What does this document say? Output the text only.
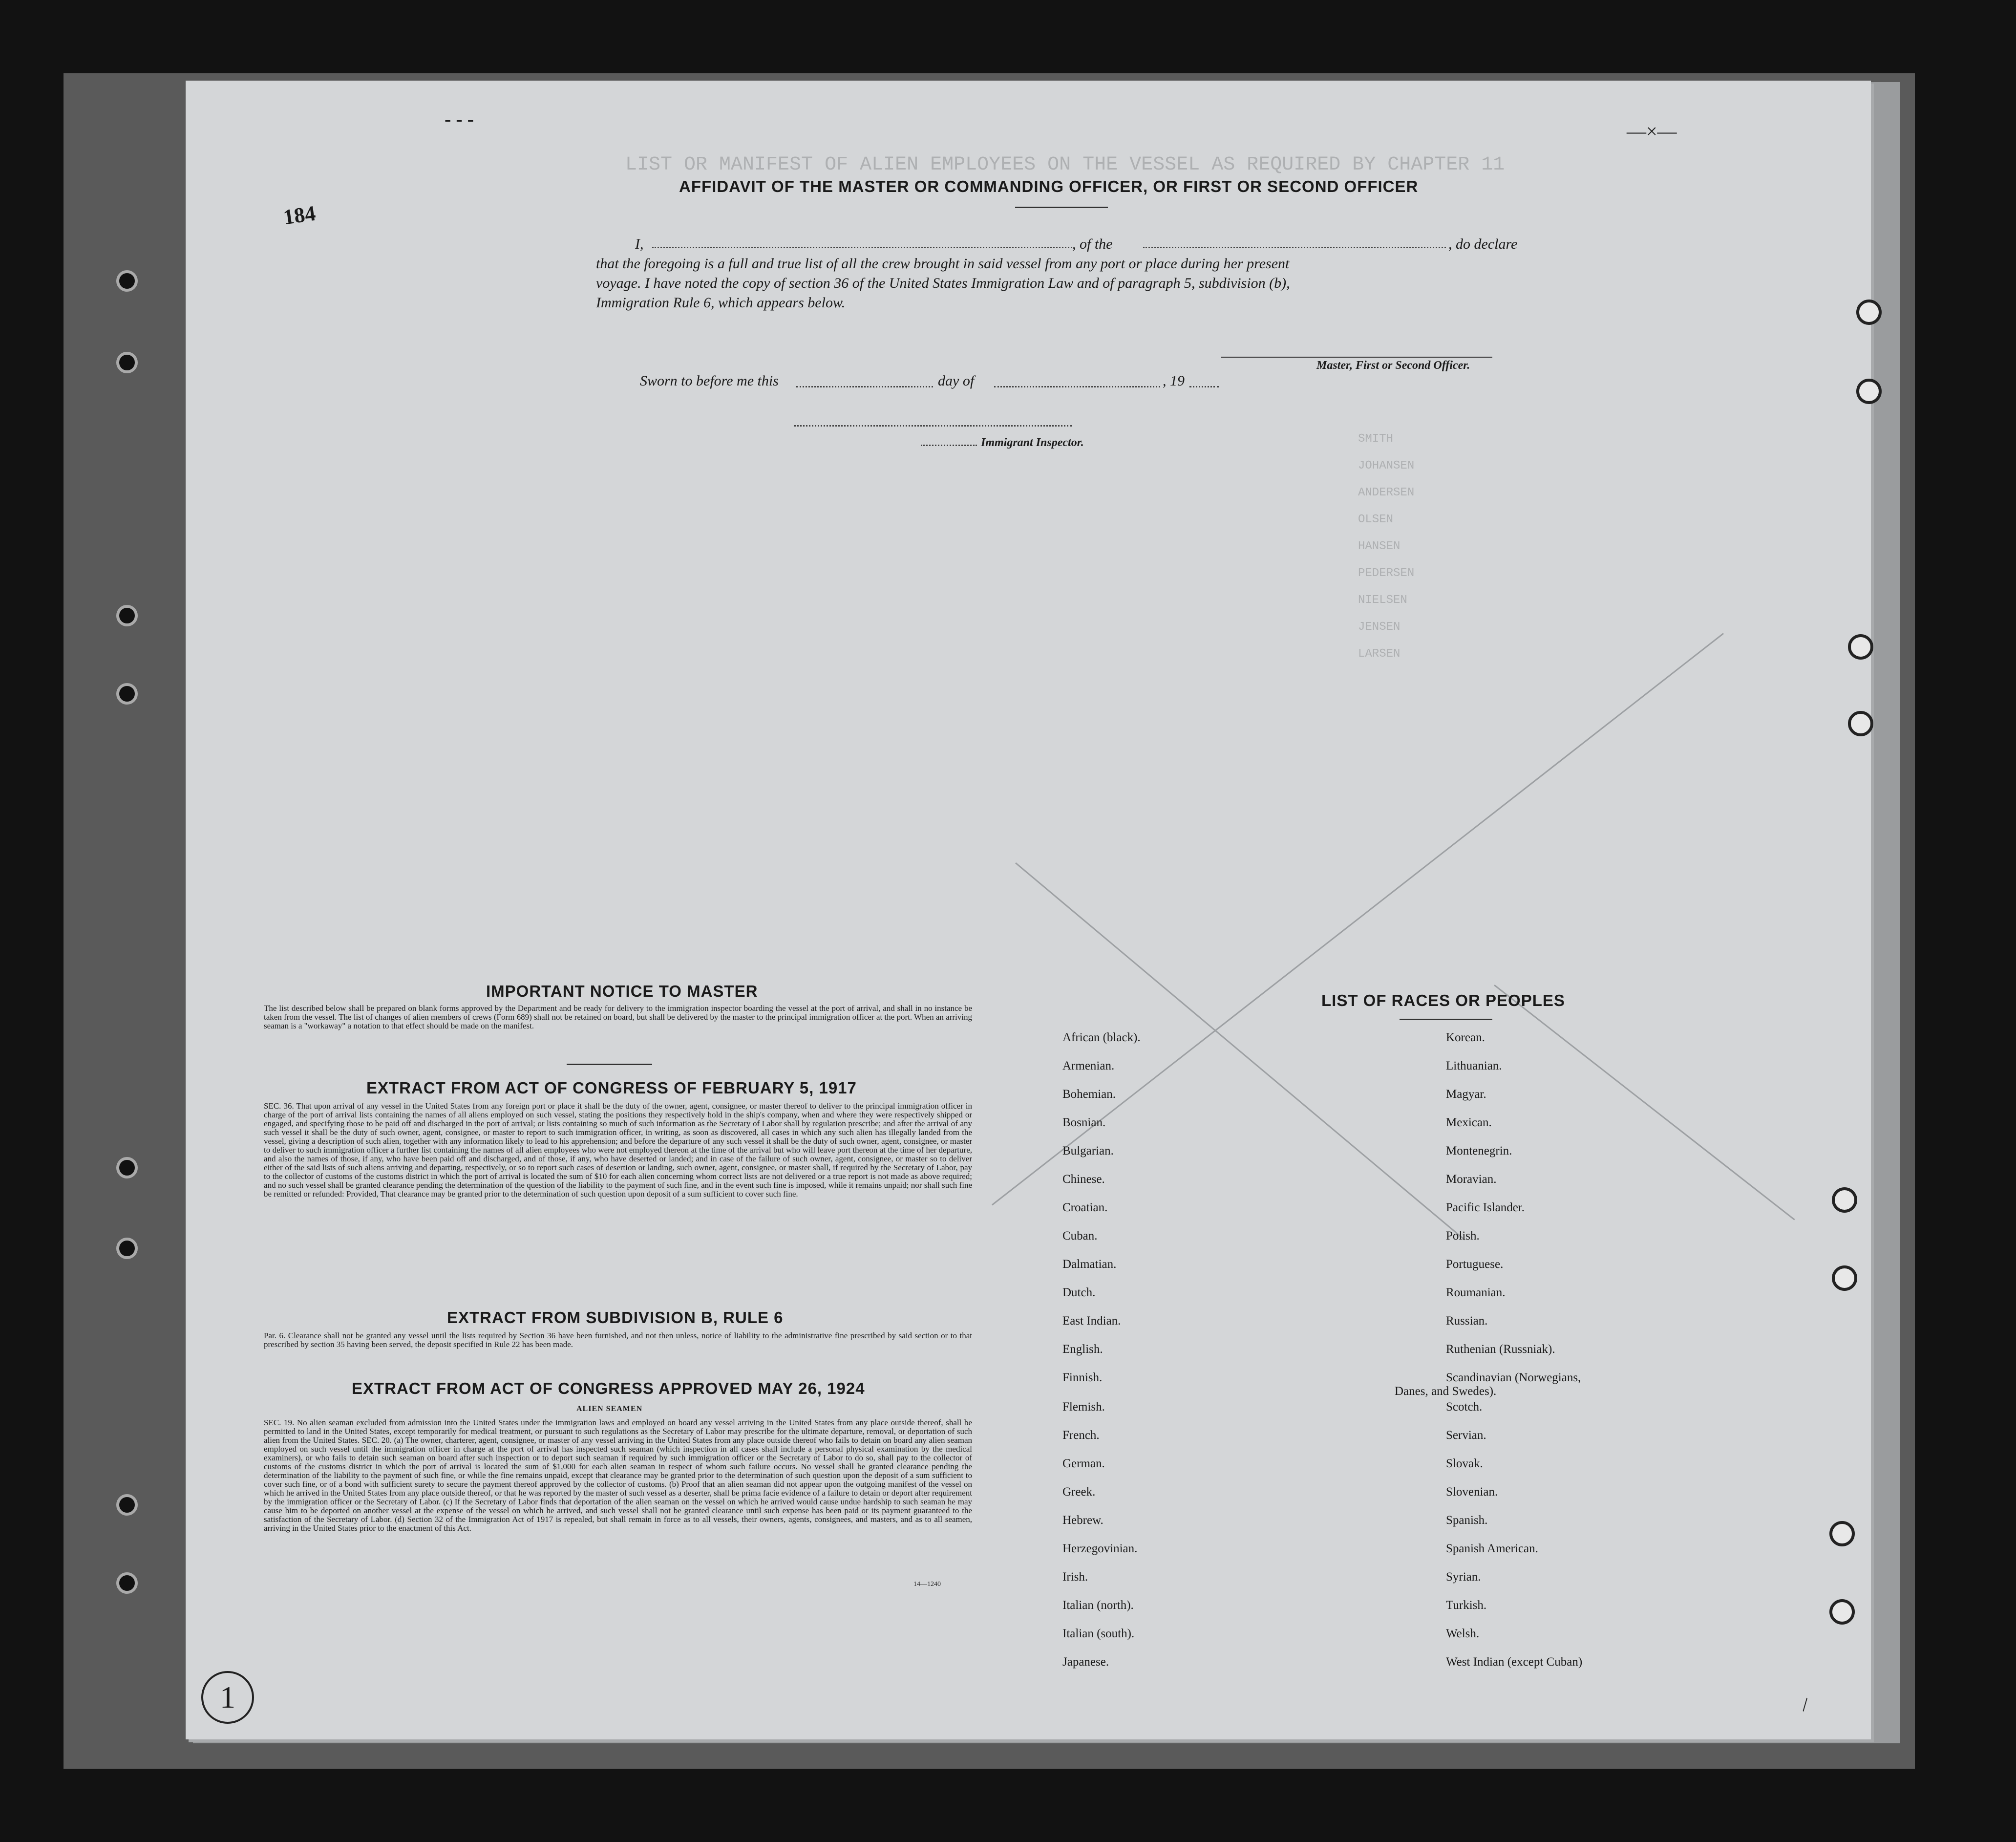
LIST OR MANIFEST OF ALIEN EMPLOYEES ON THE VESSEL AS REQUIRED BY CHAPTER 11
SMITH
JOHANSEN
ANDERSEN
OLSEN
HANSEN
PEDERSEN
NIELSEN
JENSEN
LARSEN
- - -
—×—
184
AFFIDAVIT OF THE MASTER OR COMMANDING OFFICER, OR FIRST OR SECOND OFFICER
I,	, of the	, do declare
that the foregoing is a full and true list of all the crew brought in said vessel from any port or place during her present
voyage. I have noted the copy of section 36 of the United States Immigration Law and of paragraph 5, subdivision (b),
Immigration Rule 6, which appears below.
Master, First or Second Officer.
Sworn to before me this	day of	, 19
Immigrant Inspector.
IMPORTANT NOTICE TO MASTER
The list described below shall be prepared on blank forms approved by the Department and be ready for delivery to the immigration inspector boarding the vessel at the port of arrival, and shall in no instance be taken from the vessel. The list of changes of alien members of crews (Form 689) shall not be retained on board, but shall be delivered by the master to the principal immigration officer at the port. When an arriving seaman is a "workaway" a notation to that effect should be made on the manifest.
EXTRACT FROM ACT OF CONGRESS OF FEBRUARY 5, 1917
SEC. 36. That upon arrival of any vessel in the United States from any foreign port or place it shall be the duty of the owner, agent, consignee, or master thereof to deliver to the principal immigration officer in charge of the port of arrival lists containing the names of all aliens employed on such vessel, stating the positions they respectively hold in the ship's company, when and where they were respectively shipped or engaged, and specifying those to be paid off and discharged in the port of arrival; or lists containing so much of such information as the Secretary of Labor shall by regulation prescribe; and after the arrival of any such vessel it shall be the duty of such owner, agent, consignee, or master to report to such immigration officer, in writing, as soon as discovered, all cases in which any such alien has illegally landed from the vessel, giving a description of such alien, together with any information likely to lead to his apprehension; and before the departure of any such vessel it shall be the duty of such owner, agent, consignee, or master to deliver to such immigration officer a further list containing the names of all alien employees who were not employed thereon at the time of the arrival but who will leave port thereon at the time of her departure, and also the names of those, if any, who have been paid off and discharged, and of those, if any, who have deserted or landed; and in case of the failure of such owner, agent, consignee, or master so to deliver either of the said lists of such aliens arriving and departing, respectively, or so to report such cases of desertion or landing, such owner, agent, consignee, or master shall, if required by the Secretary of Labor, pay to the collector of customs of the customs district in which the port of arrival is located the sum of $10 for each alien concerning whom correct lists are not delivered or a true report is not made as above required; and no such vessel shall be granted clearance pending the determination of the question of the liability to the payment of such fine, and in the event such fine is imposed, while it remains unpaid; nor shall such fine be remitted or refunded: Provided, That clearance may be granted prior to the determination of such question upon deposit of a sum sufficient to cover such fine.
EXTRACT FROM SUBDIVISION B, RULE 6
Par. 6. Clearance shall not be granted any vessel until the lists required by Section 36 have been furnished, and not then unless, notice of liability to the administrative fine prescribed by said section or to that prescribed by section 35 having been served, the deposit specified in Rule 22 has been made.
EXTRACT FROM ACT OF CONGRESS APPROVED MAY 26, 1924
ALIEN SEAMEN
SEC. 19. No alien seaman excluded from admission into the United States under the immigration laws and employed on board any vessel arriving in the United States from any place outside thereof, shall be permitted to land in the United States, except temporarily for medical treatment, or pursuant to such regulations as the Secretary of Labor may prescribe for the ultimate departure, removal, or deportation of such alien from the United States. SEC. 20. (a) The owner, charterer, agent, consignee, or master of any vessel arriving in the United States from any place outside thereof who fails to detain on board any alien seaman employed on such vessel until the immigration officer in charge at the port of arrival has inspected such seaman (which inspection in all cases shall include a personal physical examination by the medical examiners), or who fails to detain such seaman on board after such inspection or to deport such seaman if required by such immigration officer or the Secretary of Labor to do so, shall pay to the collector of customs of the customs district in which the port of arrival is located the sum of $1,000 for each alien seaman in respect of whom such failure occurs. No vessel shall be granted clearance pending the determination of the liability to the payment of such fine, or while the fine remains unpaid, except that clearance may be granted prior to the determination of such question upon the deposit of a sum sufficient to cover such fine, or of a bond with sufficient surety to secure the payment thereof approved by the collector of customs. (b) Proof that an alien seaman did not appear upon the outgoing manifest of the vessel on which he arrived in the United States from any place outside thereof, or that he was reported by the master of such vessel as a deserter, shall be prima facie evidence of a failure to detain or deport after requirement by the immigration officer or the Secretary of Labor. (c) If the Secretary of Labor finds that deportation of the alien seaman on the vessel on which he arrived would cause undue hardship to such seaman he may cause him to be deported on another vessel at the expense of the vessel on which he arrived, and such vessel shall not be granted clearance until such expense has been paid or its payment guaranteed to the satisfaction of the Secretary of Labor. (d) Section 32 of the Immigration Act of 1917 is repealed, but shall remain in force as to all vessels, their owners, agents, consignees, and masters, and as to all seamen, arriving in the United States prior to the enactment of this Act.
14—1240
LIST OF RACES OR PEOPLES
African (black).
Armenian.
Bohemian.
Bosnian.
Bulgarian.
Chinese.
Croatian.
Cuban.
Dalmatian.
Dutch.
East Indian.
English.
Finnish.
Flemish.
French.
German.
Greek.
Hebrew.
Herzegovinian.
Irish.
Italian (north).
Italian (south).
Japanese.
Korean.
Lithuanian.
Magyar.
Mexican.
Montenegrin.
Moravian.
Pacific Islander.
Polish.
Portuguese.
Roumanian.
Russian.
Ruthenian (Russniak).
Scandinavian (Norwegians,
Scotch.
Servian.
Slovak.
Slovenian.
Spanish.
Spanish American.
Syrian.
Turkish.
Welsh.
West Indian (except Cuban)
Danes, and Swedes).
\
1
